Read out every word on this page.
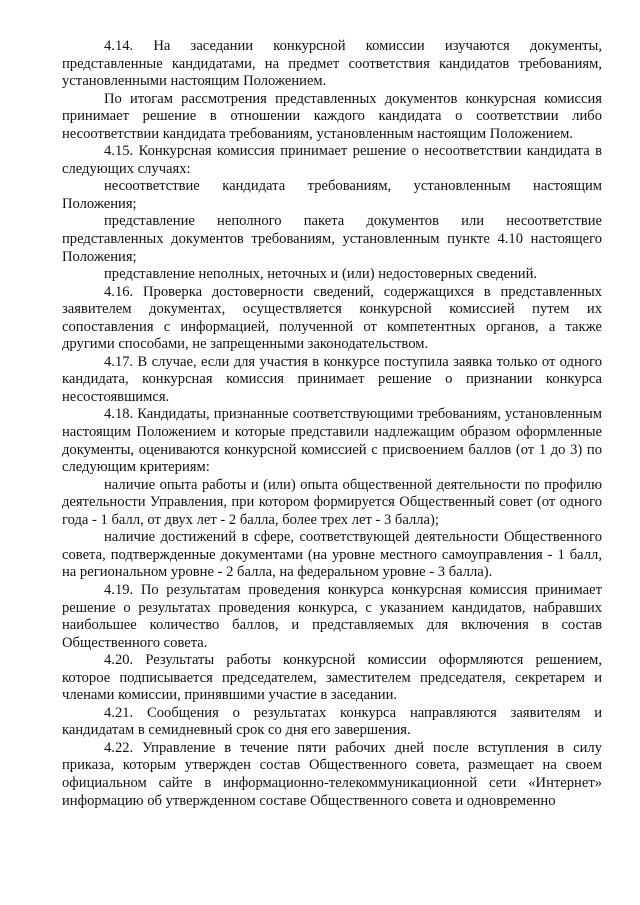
4.14. На заседании конкурсной комиссии изучаются документы, представленные кандидатами, на предмет соответствия кандидатов требованиям, установленными настоящим Положением.

По итогам рассмотрения представленных документов конкурсная комиссия принимает решение в отношении каждого кандидата о соответствии либо несоответствии кандидата требованиям, установленным настоящим Положением.

4.15. Конкурсная комиссия принимает решение о несоответствии кандидата в следующих случаях:

несоответствие кандидата требованиям, установленным настоящим Положения;

представление неполного пакета документов или несоответствие представленных документов требованиям, установленным пункте 4.10 настоящего Положения;

представление неполных, неточных и (или) недостоверных сведений.

4.16. Проверка достоверности сведений, содержащихся в представленных заявителем документах, осуществляется конкурсной комиссией путем их сопоставления с информацией, полученной от компетентных органов, а также другими способами, не запрещенными законодательством.

4.17. В случае, если для участия в конкурсе поступила заявка только от одного кандидата, конкурсная комиссия принимает решение о признании конкурса несостоявшимся.

4.18. Кандидаты, признанные соответствующими требованиям, установленным настоящим Положением и которые представили надлежащим образом оформленные документы, оцениваются конкурсной комиссией с присвоением баллов (от 1 до 3) по следующим критериям:

наличие опыта работы и (или) опыта общественной деятельности по профилю деятельности Управления, при котором формируется Общественный совет (от одного года - 1 балл, от двух лет - 2 балла, более трех лет - 3 балла);

наличие достижений в сфере, соответствующей деятельности Общественного совета, подтвержденные документами (на уровне местного самоуправления - 1 балл, на региональном уровне - 2 балла, на федеральном уровне - 3 балла).

4.19. По результатам проведения конкурса конкурсная комиссия принимает решение о результатах проведения конкурса, с указанием кандидатов, набравших наибольшее количество баллов, и представляемых для включения в состав Общественного совета.

4.20. Результаты работы конкурсной комиссии оформляются решением, которое подписывается председателем, заместителем председателя, секретарем и членами комиссии, принявшими участие в заседании.

4.21. Сообщения о результатах конкурса направляются заявителям и кандидатам в семидневный срок со дня его завершения.

4.22. Управление в течение пяти рабочих дней после вступления в силу приказа, которым утвержден состав Общественного совета, размещает на своем официальном сайте в информационно-телекоммуникационной сети «Интернет» информацию об утвержденном составе Общественного совета и одновременно
